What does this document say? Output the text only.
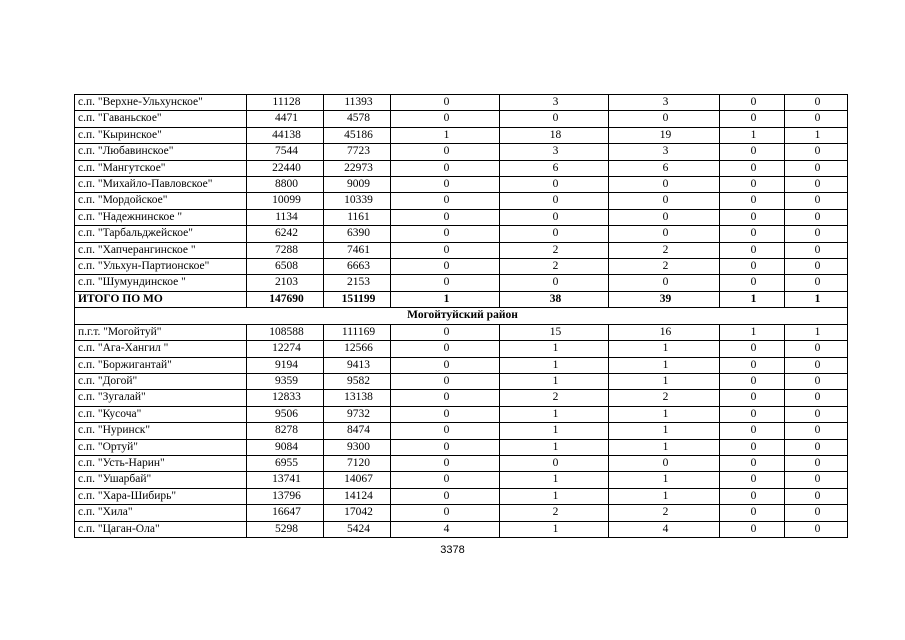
с.п. "Верхне-Ульхунское"	11128	11393	0	3	3	0	0
с.п. "Гаваньское"	4471	4578	0	0	0	0	0
с.п. "Кыринское"	44138	45186	1	18	19	1	1
с.п. "Любавинское"	7544	7723	0	3	3	0	0
с.п. "Мангутское"	22440	22973	0	6	6	0	0
с.п. "Михайло-Павловское"	8800	9009	0	0	0	0	0
с.п. "Мордойское"	10099	10339	0	0	0	0	0
с.п. "Надежнинское "	1134	1161	0	0	0	0	0
с.п. "Тарбальджейское"	6242	6390	0	0	0	0	0
с.п. "Хапчерангинское "	7288	7461	0	2	2	0	0
с.п. "Ульхун-Партионское"	6508	6663	0	2	2	0	0
с.п. "Шумундинское "	2103	2153	0	0	0	0	0
ИТОГО ПО МО	147690	151199	1	38	39	1	1
Могойтуйский район							
п.г.т. "Могойтуй"	108588	111169	0	15	16	1	1
с.п. "Ага-Хангил "	12274	12566	0	1	1	0	0
с.п. "Боржигантай"	9194	9413	0	1	1	0	0
с.п. "Догой"	9359	9582	0	1	1	0	0
с.п. "Зугалай"	12833	13138	0	2	2	0	0
с.п. "Кусоча"	9506	9732	0	1	1	0	0
с.п. "Нуринск"	8278	8474	0	1	1	0	0
с.п. "Ортуй"	9084	9300	0	1	1	0	0
с.п. "Усть-Нарин"	6955	7120	0	0	0	0	0
с.п. "Ушарбай"	13741	14067	0	1	1	0	0
с.п. "Хара-Шибирь"	13796	14124	0	1	1	0	0
с.п. "Хила"	16647	17042	0	2	2	0	0
с.п. "Цаган-Ола"	5298	5424	4	1	4	0	0
3378
